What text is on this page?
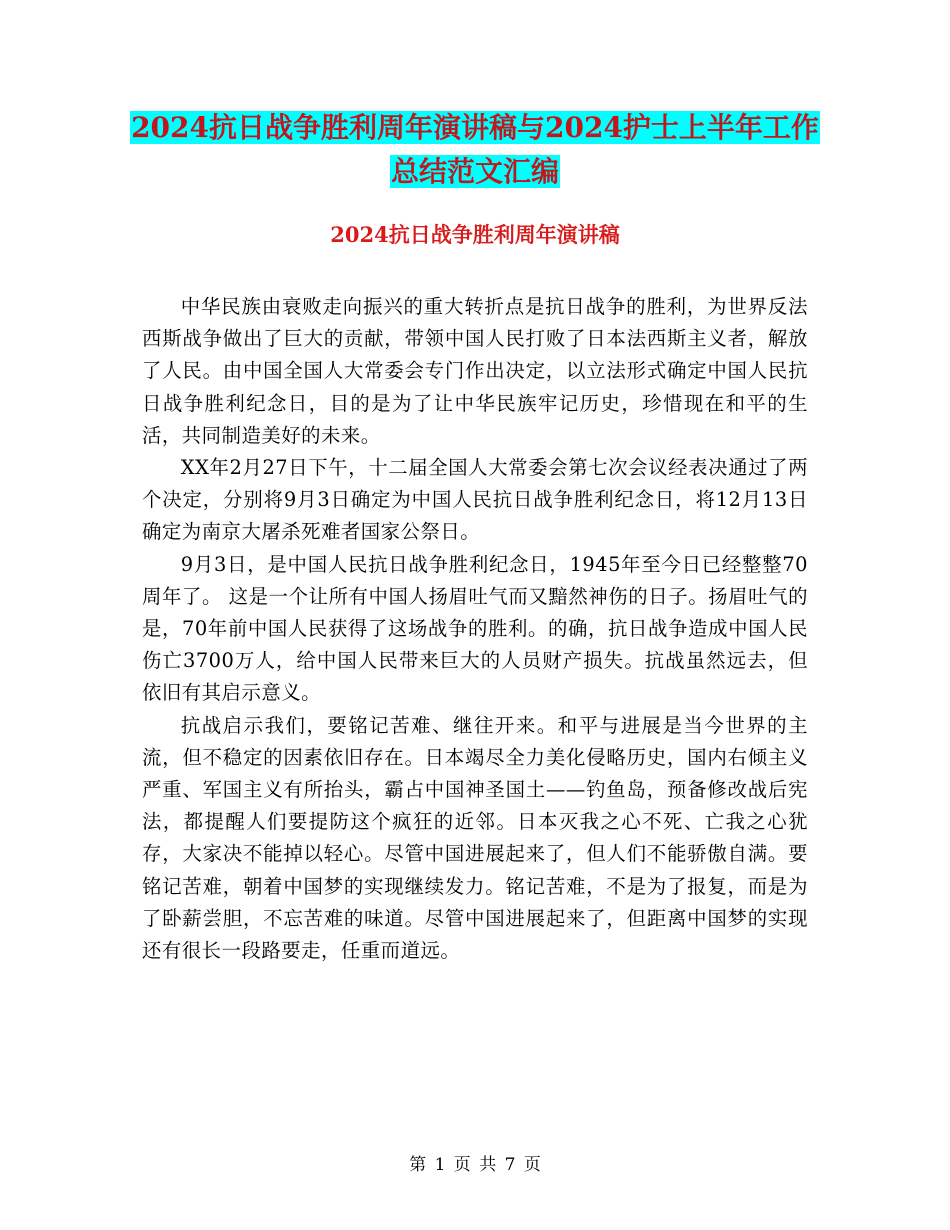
2024抗日战争胜利周年演讲稿与2024护士上半年工作
总结范文汇编
2024抗日战争胜利周年演讲稿

中华民族由衰败走向振兴的重大转折点是抗日战争的胜利，为世界反法西斯战争做出了巨大的贡献，带领中国人民打败了日本法西斯主义者，解放了人民。由中国全国人大常委会专门作出决定，以立法形式确定中国人民抗日战争胜利纪念日，目的是为了让中华民族牢记历史，珍惜现在和平的生活，共同制造美好的未来。

XX年2月27日下午，十二届全国人大常委会第七次会议经表决通过了两个决定，分别将9月3日确定为中国人民抗日战争胜利纪念日，将12月13日确定为南京大屠杀死难者国家公祭日。

9月3日，是中国人民抗日战争胜利纪念日，1945年至今日已经整整70周年了。 这是一个让所有中国人扬眉吐气而又黯然神伤的日子。扬眉吐气的是，70年前中国人民获得了这场战争的胜利。的确，抗日战争造成中国人民伤亡3700万人，给中国人民带来巨大的人员财产损失。抗战虽然远去，但依旧有其启示意义。

抗战启示我们，要铭记苦难、继往开来。和平与进展是当今世界的主流，但不稳定的因素依旧存在。日本竭尽全力美化侵略历史，国内右倾主义严重、军国主义有所抬头，霸占中国神圣国土——钓鱼岛，预备修改战后宪法，都提醒人们要提防这个疯狂的近邻。日本灭我之心不死、亡我之心犹存，大家决不能掉以轻心。尽管中国进展起来了，但人们不能骄傲自满。要铭记苦难，朝着中国梦的实现继续发力。铭记苦难，不是为了报复，而是为了卧薪尝胆，不忘苦难的味道。尽管中国进展起来了，但距离中国梦的实现还有很长一段路要走，任重而道远。

第 1 页 共 7 页
